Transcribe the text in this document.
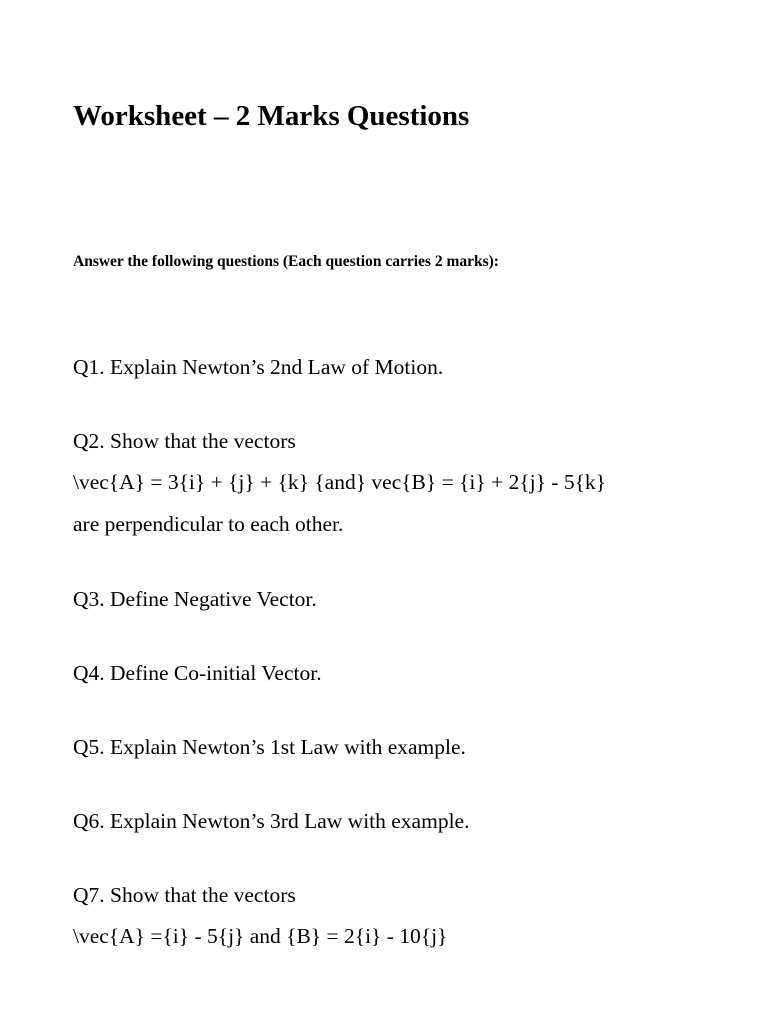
Worksheet – 2 Marks Questions

Answer the following questions (Each question carries 2 marks):

Q1. Explain Newton’s 2nd Law of Motion.

Q2. Show that the vectors

\vec{A} = 3{i} + {j} + {k} {and} vec{B} = {i} + 2{j} - 5{k}

are perpendicular to each other.

Q3. Define Negative Vector.

Q4. Define Co-initial Vector.

Q5. Explain Newton’s 1st Law with example.

Q6. Explain Newton’s 3rd Law with example.

Q7. Show that the vectors

\vec{A} ={i} - 5{j} and {B} = 2{i} - 10{j}
